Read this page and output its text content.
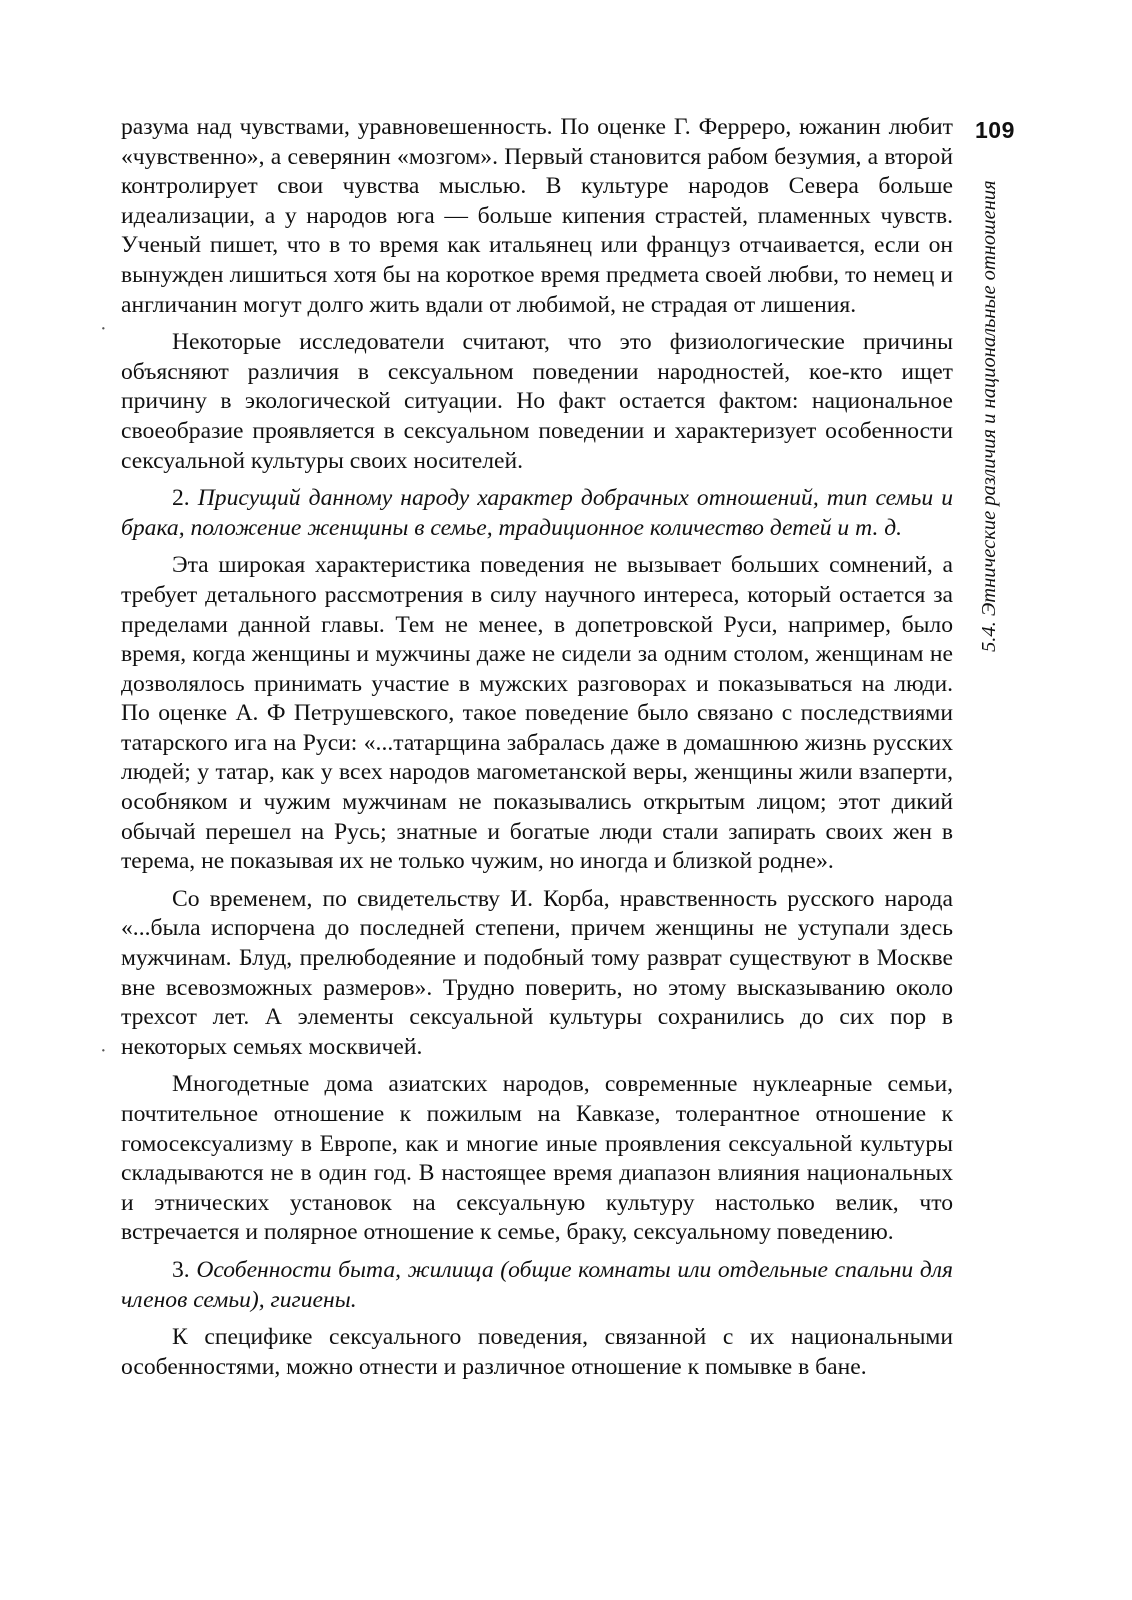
109
5.4. Этнические различия и национальные отношения
·
·

разума над чувствами, уравновешенность. По оценке Г. Ферреро, южанин любит «чувственно», а северянин «мозгом». Первый становится рабом безумия, а второй контролирует свои чувства мыслью. В культуре народов Севера больше идеализации, а у народов юга — больше кипения страстей, пламенных чувств. Ученый пишет, что в то время как итальянец или француз отчаивается, если он вынужден лишиться хотя бы на короткое время предмета своей любви, то немец и англичанин могут долго жить вдали от любимой, не страдая от лишения.

Некоторые исследователи считают, что это физиологические причины объясняют различия в сексуальном поведении народностей, кое-кто ищет причину в экологической ситуации. Но факт остается фактом: национальное своеобразие проявляется в сексуальном поведении и характеризует особенности сексуальной культуры своих носителей.

2. Присущий данному народу характер добрачных отношений, тип семьи и брака, положение женщины в семье, традиционное количество детей и т. д.

Эта широкая характеристика поведения не вызывает больших сомнений, а требует детального рассмотрения в силу научного интереса, который остается за пределами данной главы. Тем не менее, в допетровской Руси, например, было время, когда женщины и мужчины даже не сидели за одним столом, женщинам не дозволялось принимать участие в мужских разговорах и показываться на люди. По оценке А. Ф Петрушевского, такое поведение было связано с последствиями татарского ига на Руси: «...татарщина забралась даже в домашнюю жизнь русских людей; у татар, как у всех народов магометанской веры, женщины жили взаперти, особняком и чужим мужчинам не показывались открытым лицом; этот дикий обычай перешел на Русь; знатные и богатые люди стали запирать своих жен в терема, не показывая их не только чужим, но иногда и близкой родне».

Со временем, по свидетельству И. Корба, нравственность русского народа «...была испорчена до последней степени, причем женщины не уступали здесь мужчинам. Блуд, прелюбодеяние и подобный тому разврат существуют в Москве вне всевозможных размеров». Трудно поверить, но этому высказыванию около трехсот лет. А элементы сексуальной культуры сохранились до сих пор в некоторых семьях москвичей.

Многодетные дома азиатских народов, современные нуклеарные семьи, почтительное отношение к пожилым на Кавказе, толерантное отношение к гомосексуализму в Европе, как и многие иные проявления сексуальной культуры складываются не в один год. В настоящее время диапазон влияния национальных и этнических установок на сексуальную культуру настолько велик, что встречается и полярное отношение к семье, браку, сексуальному поведению.

3. Особенности быта, жилища (общие комнаты или отдельные спальни для членов семьи), гигиены.

К специфике сексуального поведения, связанной с их национальными особенностями, можно отнести и различное отношение к помывке в бане.
